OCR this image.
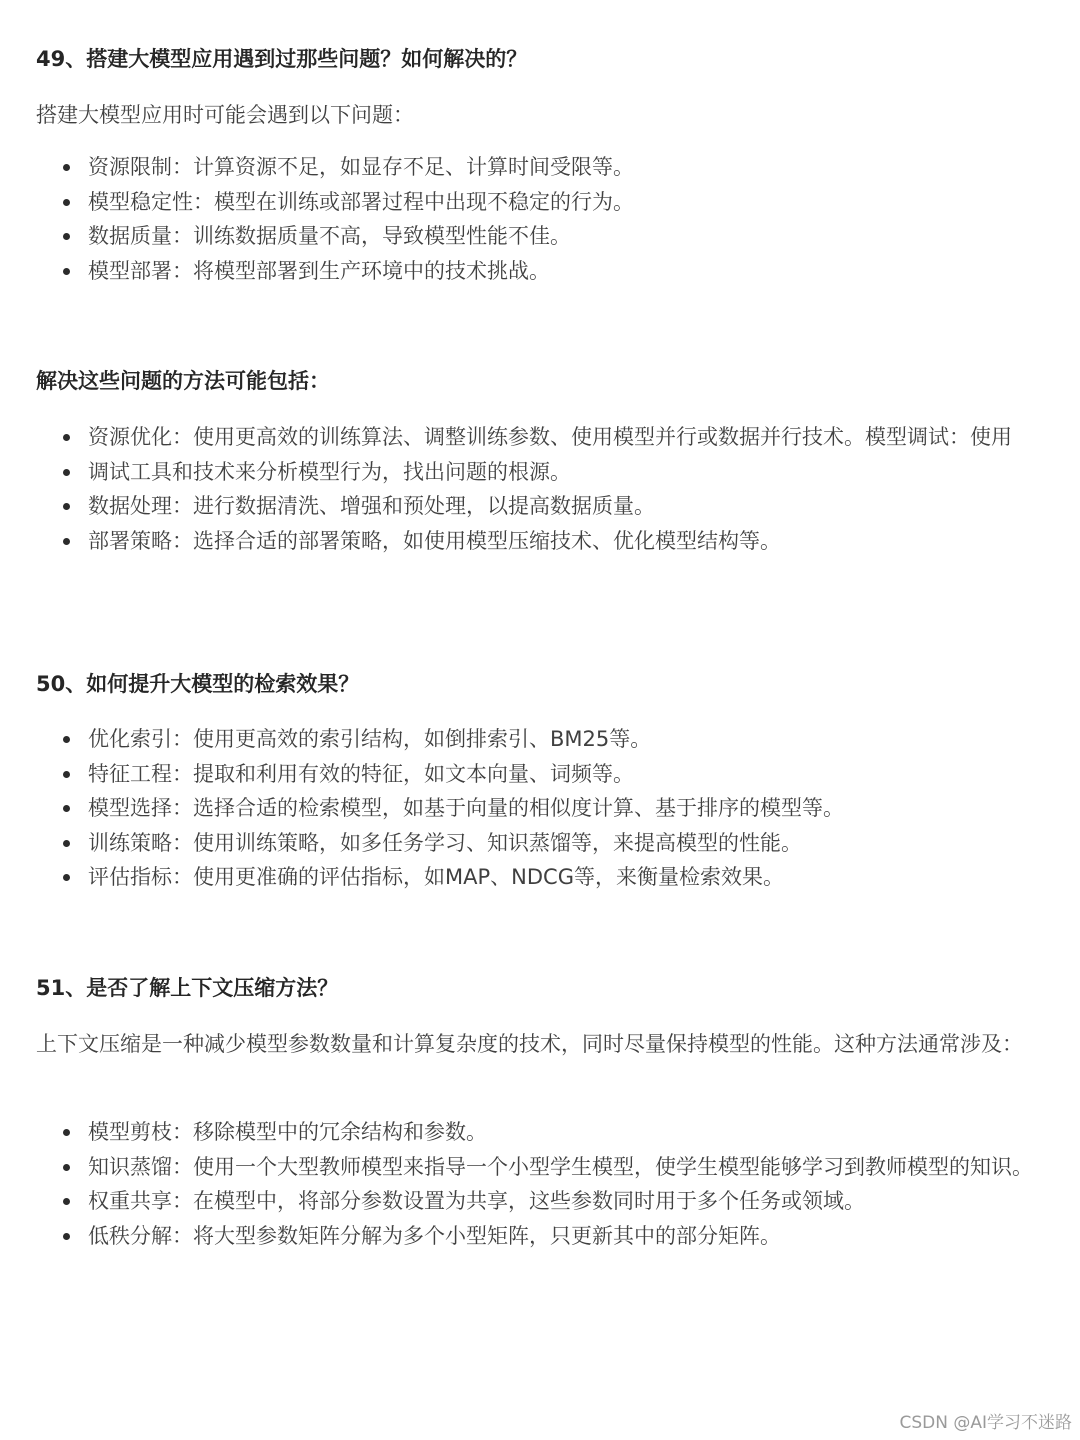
49、搭建大模型应用遇到过那些问题？如何解决的？

搭建大模型应用时可能会遇到以下问题：

资源限制：计算资源不足，如显存不足、计算时间受限等。
模型稳定性：模型在训练或部署过程中出现不稳定的行为。
数据质量：训练数据质量不高，导致模型性能不佳。
模型部署：将模型部署到生产环境中的技术挑战。
解决这些问题的方法可能包括：
资源优化：使用更高效的训练算法、调整训练参数、使用模型并行或数据并行技术。模型调试：使用
调试工具和技术来分析模型行为，找出问题的根源。
数据处理：进行数据清洗、增强和预处理，以提高数据质量。
部署策略：选择合适的部署策略，如使用模型压缩技术、优化模型结构等。
50、如何提升大模型的检索效果？
优化索引：使用更高效的索引结构，如倒排索引、BM25等。
特征工程：提取和利用有效的特征，如文本向量、词频等。
模型选择：选择合适的检索模型，如基于向量的相似度计算、基于排序的模型等。
训练策略：使用训练策略，如多任务学习、知识蒸馏等，来提高模型的性能。
评估指标：使用更准确的评估指标，如MAP、NDCG等，来衡量检索效果。
51、是否了解上下文压缩方法？

上下文压缩是一种减少模型参数数量和计算复杂度的技术，同时尽量保持模型的性能。这种方法通常涉及：

模型剪枝：移除模型中的冗余结构和参数。
知识蒸馏：使用一个大型教师模型来指导一个小型学生模型，使学生模型能够学习到教师模型的知识。
权重共享：在模型中，将部分参数设置为共享，这些参数同时用于多个任务或领域。
低秩分解：将大型参数矩阵分解为多个小型矩阵，只更新其中的部分矩阵。
CSDN @AI学习不迷路
